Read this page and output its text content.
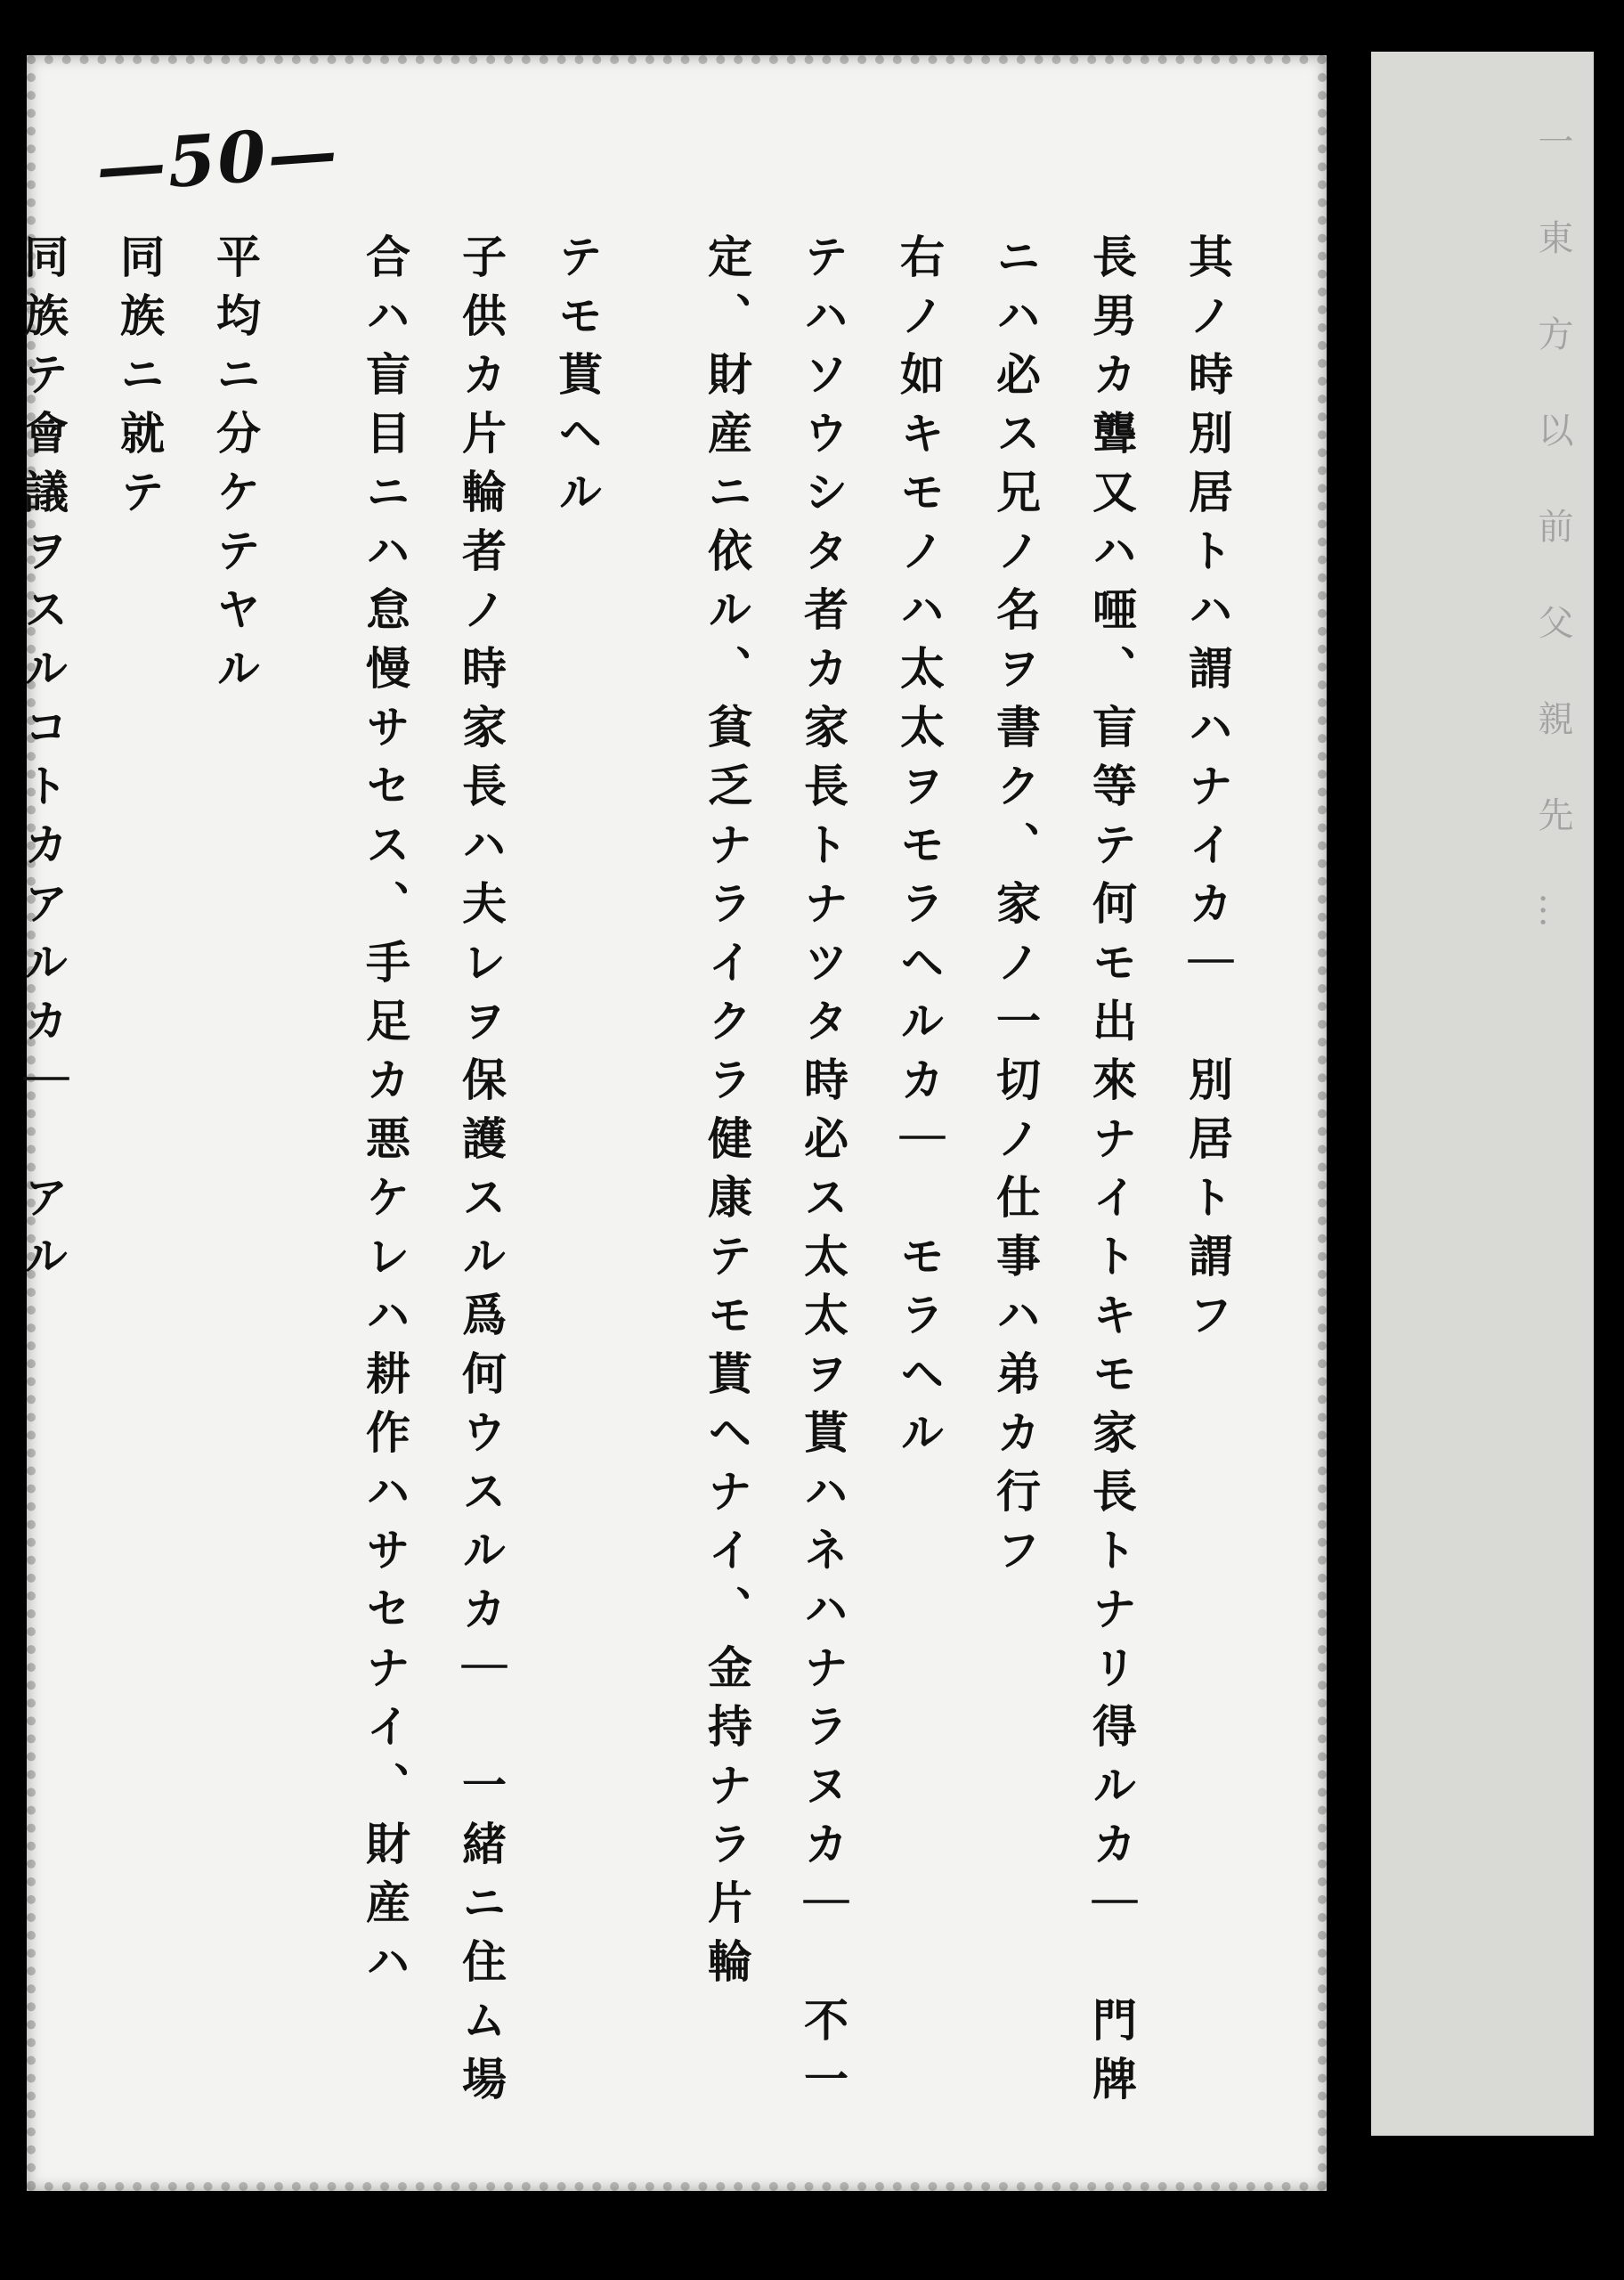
—50—
其ノ時別居トハ謂ハナイカ｜　別居ト謂フ
長男カ聾又ハ唖、盲等テ何モ出來ナイトキモ家長トナリ得ルカ｜　門牌
ニハ必ス兄ノ名ヲ書ク、家ノ一切ノ仕事ハ弟カ行フ
右ノ如キモノハ太太ヲモラヘルカ｜　モラヘル
テハソウシタ者カ家長トナツタ時必ス太太ヲ貰ハネハナラヌカ｜　不一
定、財産ニ依ル、貧乏ナライクラ健康テモ貰ヘナイ、金持ナラ片輪
テモ貰ヘル
子供カ片輪者ノ時家長ハ夫レヲ保護スル爲何ウスルカ｜　一緒ニ住ム場
合ハ盲目ニハ怠慢サセス、手足カ悪ケレハ耕作ハサセナイ、財産ハ
平均ニ分ケテヤル
同族ニ就テ
同族テ會議ヲスルコトカアルカ｜　アル	一　東　方　以　前　父　親　先　…
